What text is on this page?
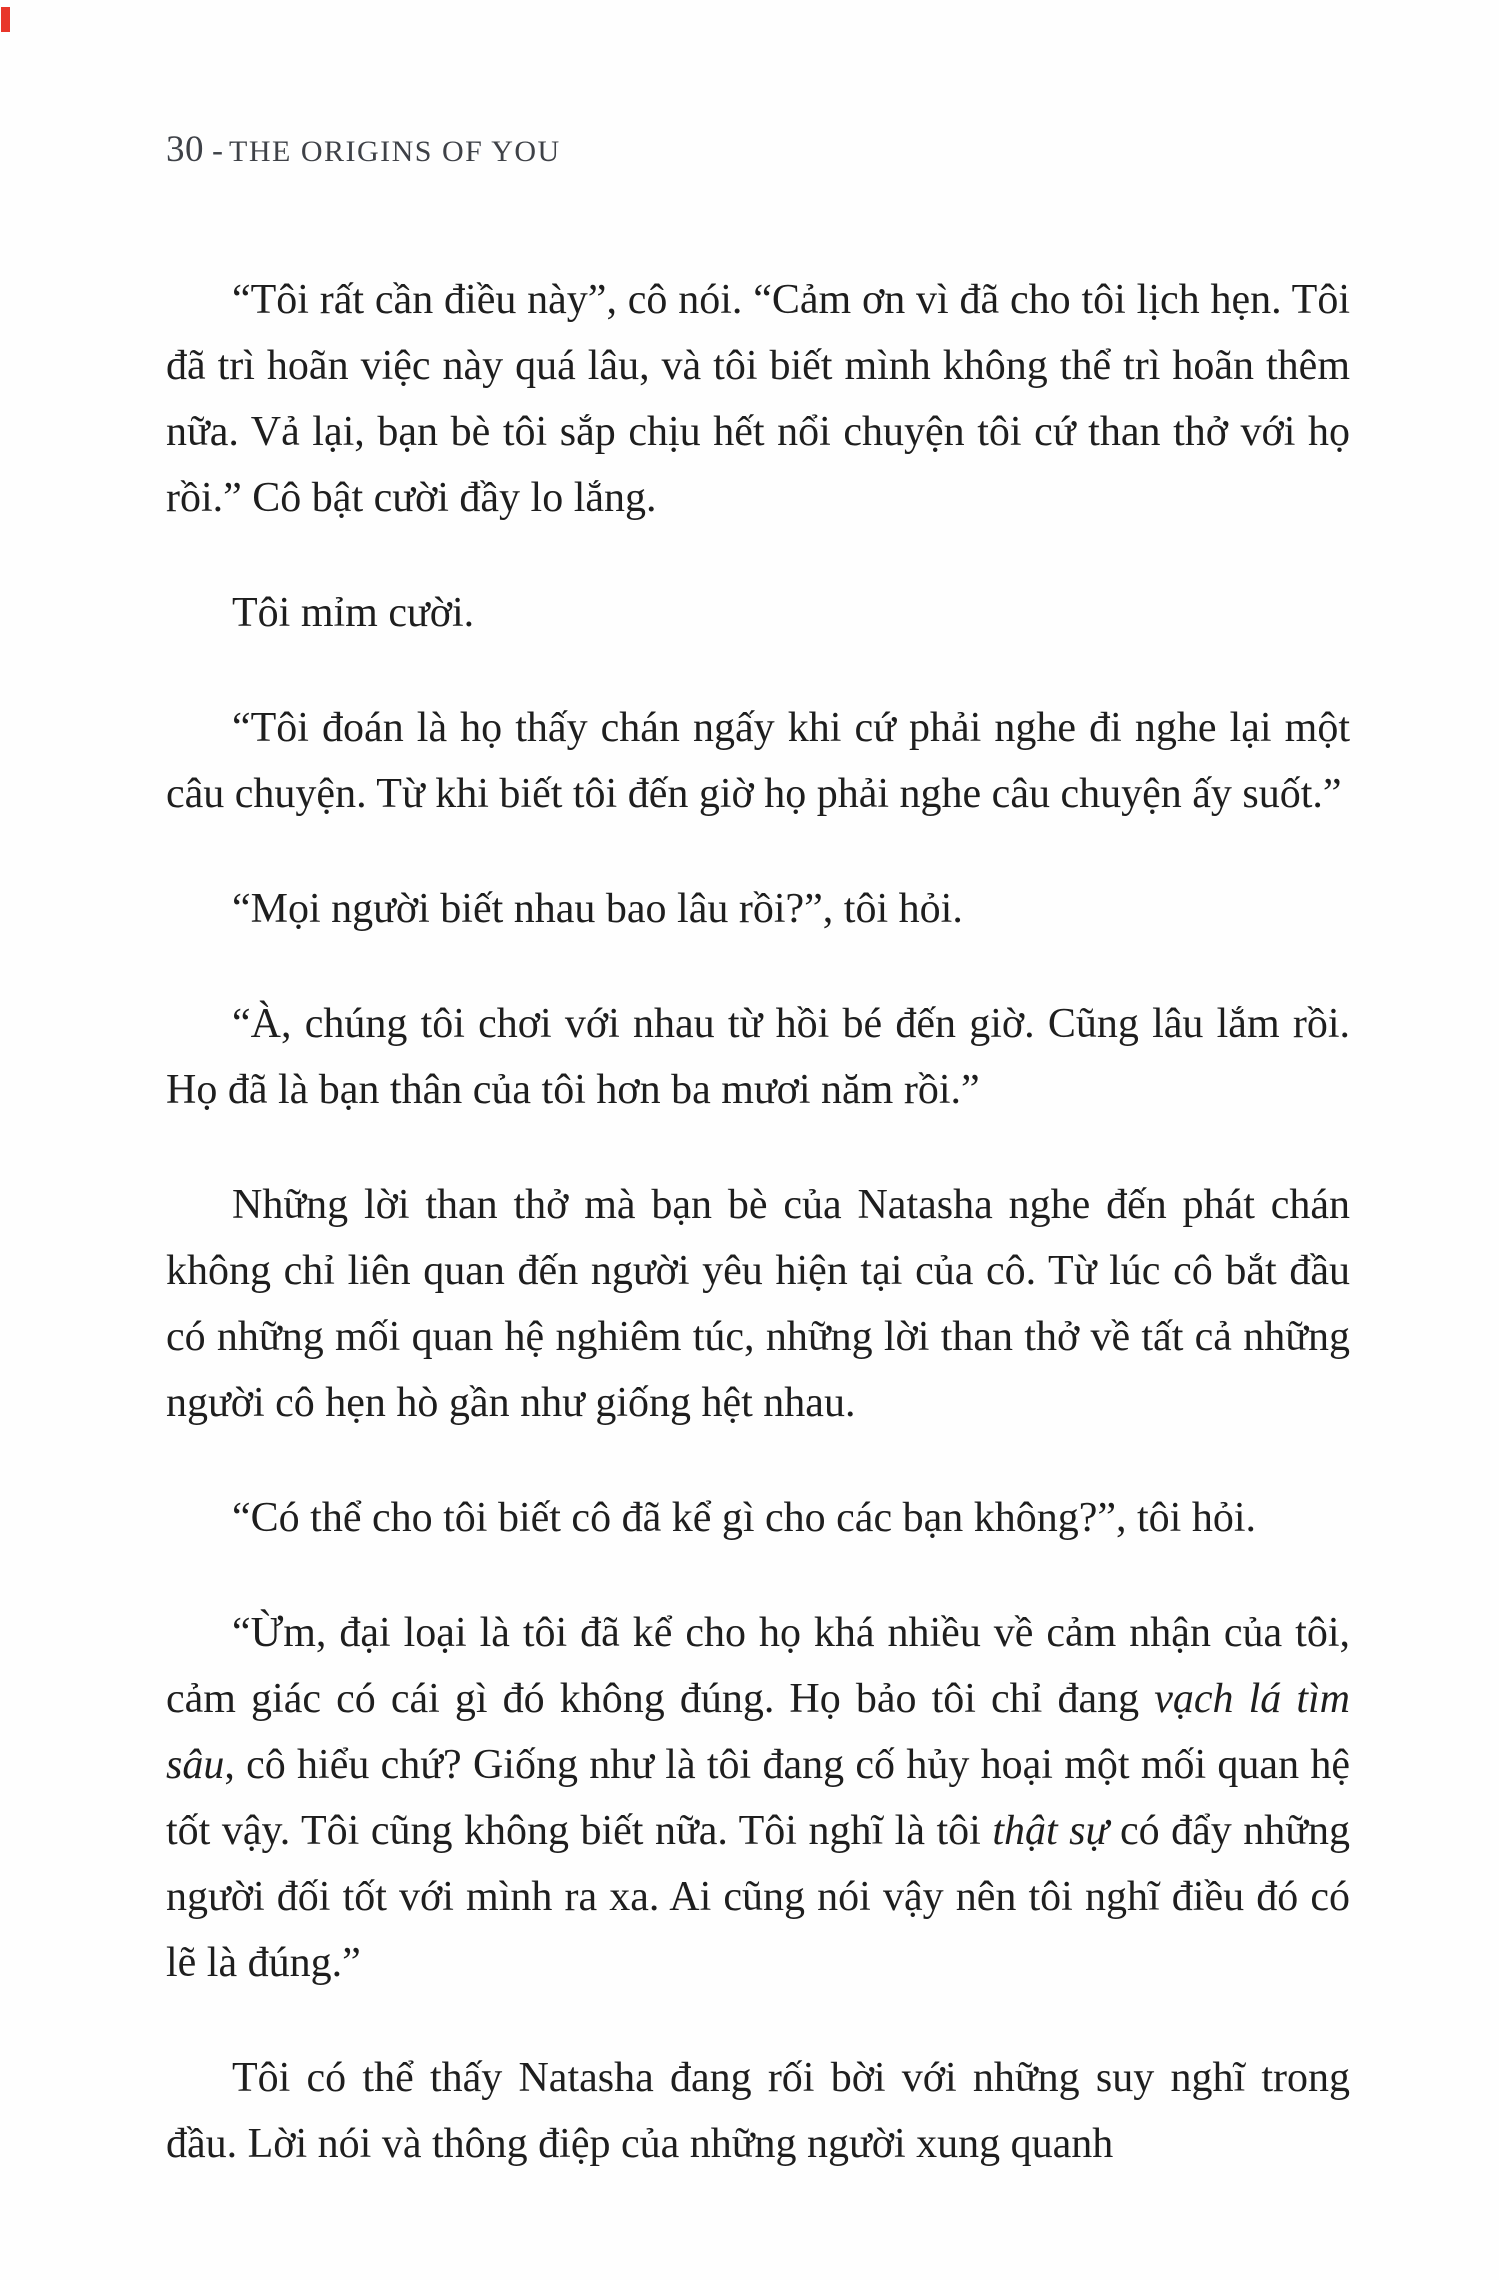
30 - THE ORIGINS OF YOU

“Tôi rất cần điều này”, cô nói. “Cảm ơn vì đã cho tôi lịch hẹn. Tôi đã trì hoãn việc này quá lâu, và tôi biết mình không thể trì hoãn thêm nữa. Vả lại, bạn bè tôi sắp chịu hết nổi chuyện tôi cứ than thở với họ rồi.” Cô bật cười đầy lo lắng.

Tôi mỉm cười.

“Tôi đoán là họ thấy chán ngấy khi cứ phải nghe đi nghe lại một câu chuyện. Từ khi biết tôi đến giờ họ phải nghe câu chuyện ấy suốt.”

“Mọi người biết nhau bao lâu rồi?”, tôi hỏi.

“À, chúng tôi chơi với nhau từ hồi bé đến giờ. Cũng lâu lắm rồi. Họ đã là bạn thân của tôi hơn ba mươi năm rồi.”

Những lời than thở mà bạn bè của Natasha nghe đến phát chán không chỉ liên quan đến người yêu hiện tại của cô. Từ lúc cô bắt đầu có những mối quan hệ nghiêm túc, những lời than thở về tất cả những người cô hẹn hò gần như giống hệt nhau.

“Có thể cho tôi biết cô đã kể gì cho các bạn không?”, tôi hỏi.

“Ừm, đại loại là tôi đã kể cho họ khá nhiều về cảm nhận của tôi, cảm giác có cái gì đó không đúng. Họ bảo tôi chỉ đang vạch lá tìm sâu, cô hiểu chứ? Giống như là tôi đang cố hủy hoại một mối quan hệ tốt vậy. Tôi cũng không biết nữa. Tôi nghĩ là tôi thật sự có đẩy những người đối tốt với mình ra xa. Ai cũng nói vậy nên tôi nghĩ điều đó có lẽ là đúng.”

Tôi có thể thấy Natasha đang rối bời với những suy nghĩ trong đầu. Lời nói và thông điệp của những người xung quanh
